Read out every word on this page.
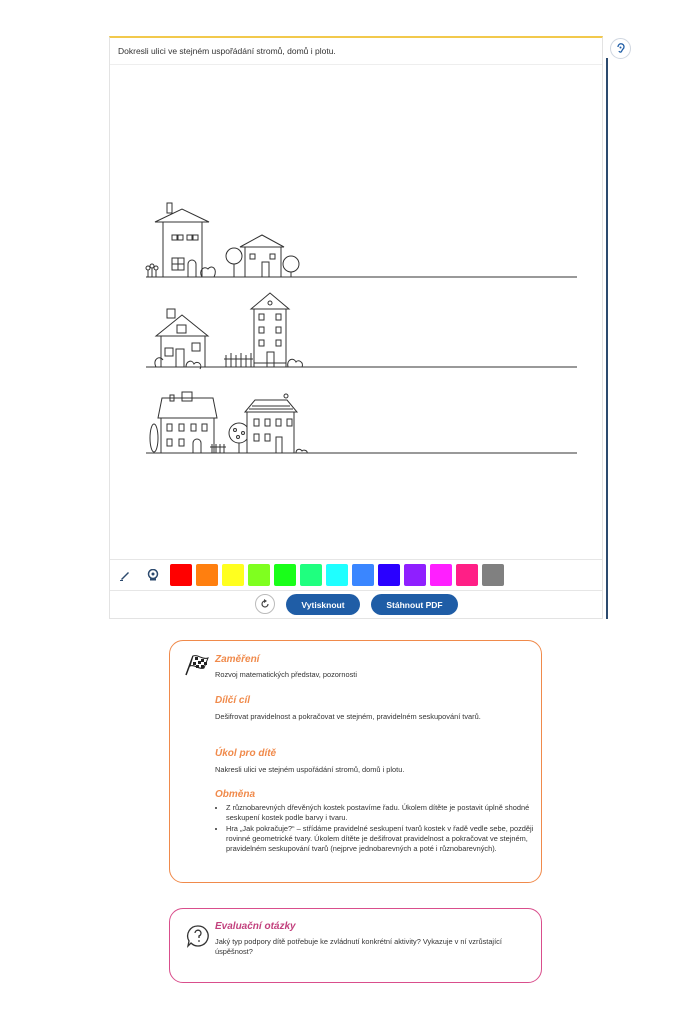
Dokresli ulici ve stejném uspořádání stromů, domů i plotu.
Vytisknout	Stáhnout PDF
Zaměření
Rozvoj matematických představ, pozornosti
Dílčí cíl
Dešifrovat pravidelnost a pokračovat ve stejném, pravidelném seskupování tvarů.
Úkol pro dítě
Nakresli ulici ve stejném uspořádání stromů, domů i plotu.
Obměna
• Z různobarevných dřevěných kostek postavíme řadu. Úkolem dítěte je postavit úplně shodné seskupení kostek podle barvy i tvaru.
• Hra „Jak pokračuje?“ – střídáme pravidelné seskupení tvarů kostek v řadě vedle sebe, později rovinné geometrické tvary. Úkolem dítěte je dešifrovat pravidelnost a pokračovat ve stejném, pravidelném seskupování tvarů (nejprve jednobarevných a poté i různobarevných).
Evaluační otázky
Jaký typ podpory dítě potřebuje ke zvládnutí konkrétní aktivity? Vykazuje v ní vzrůstající úspěšnost?
